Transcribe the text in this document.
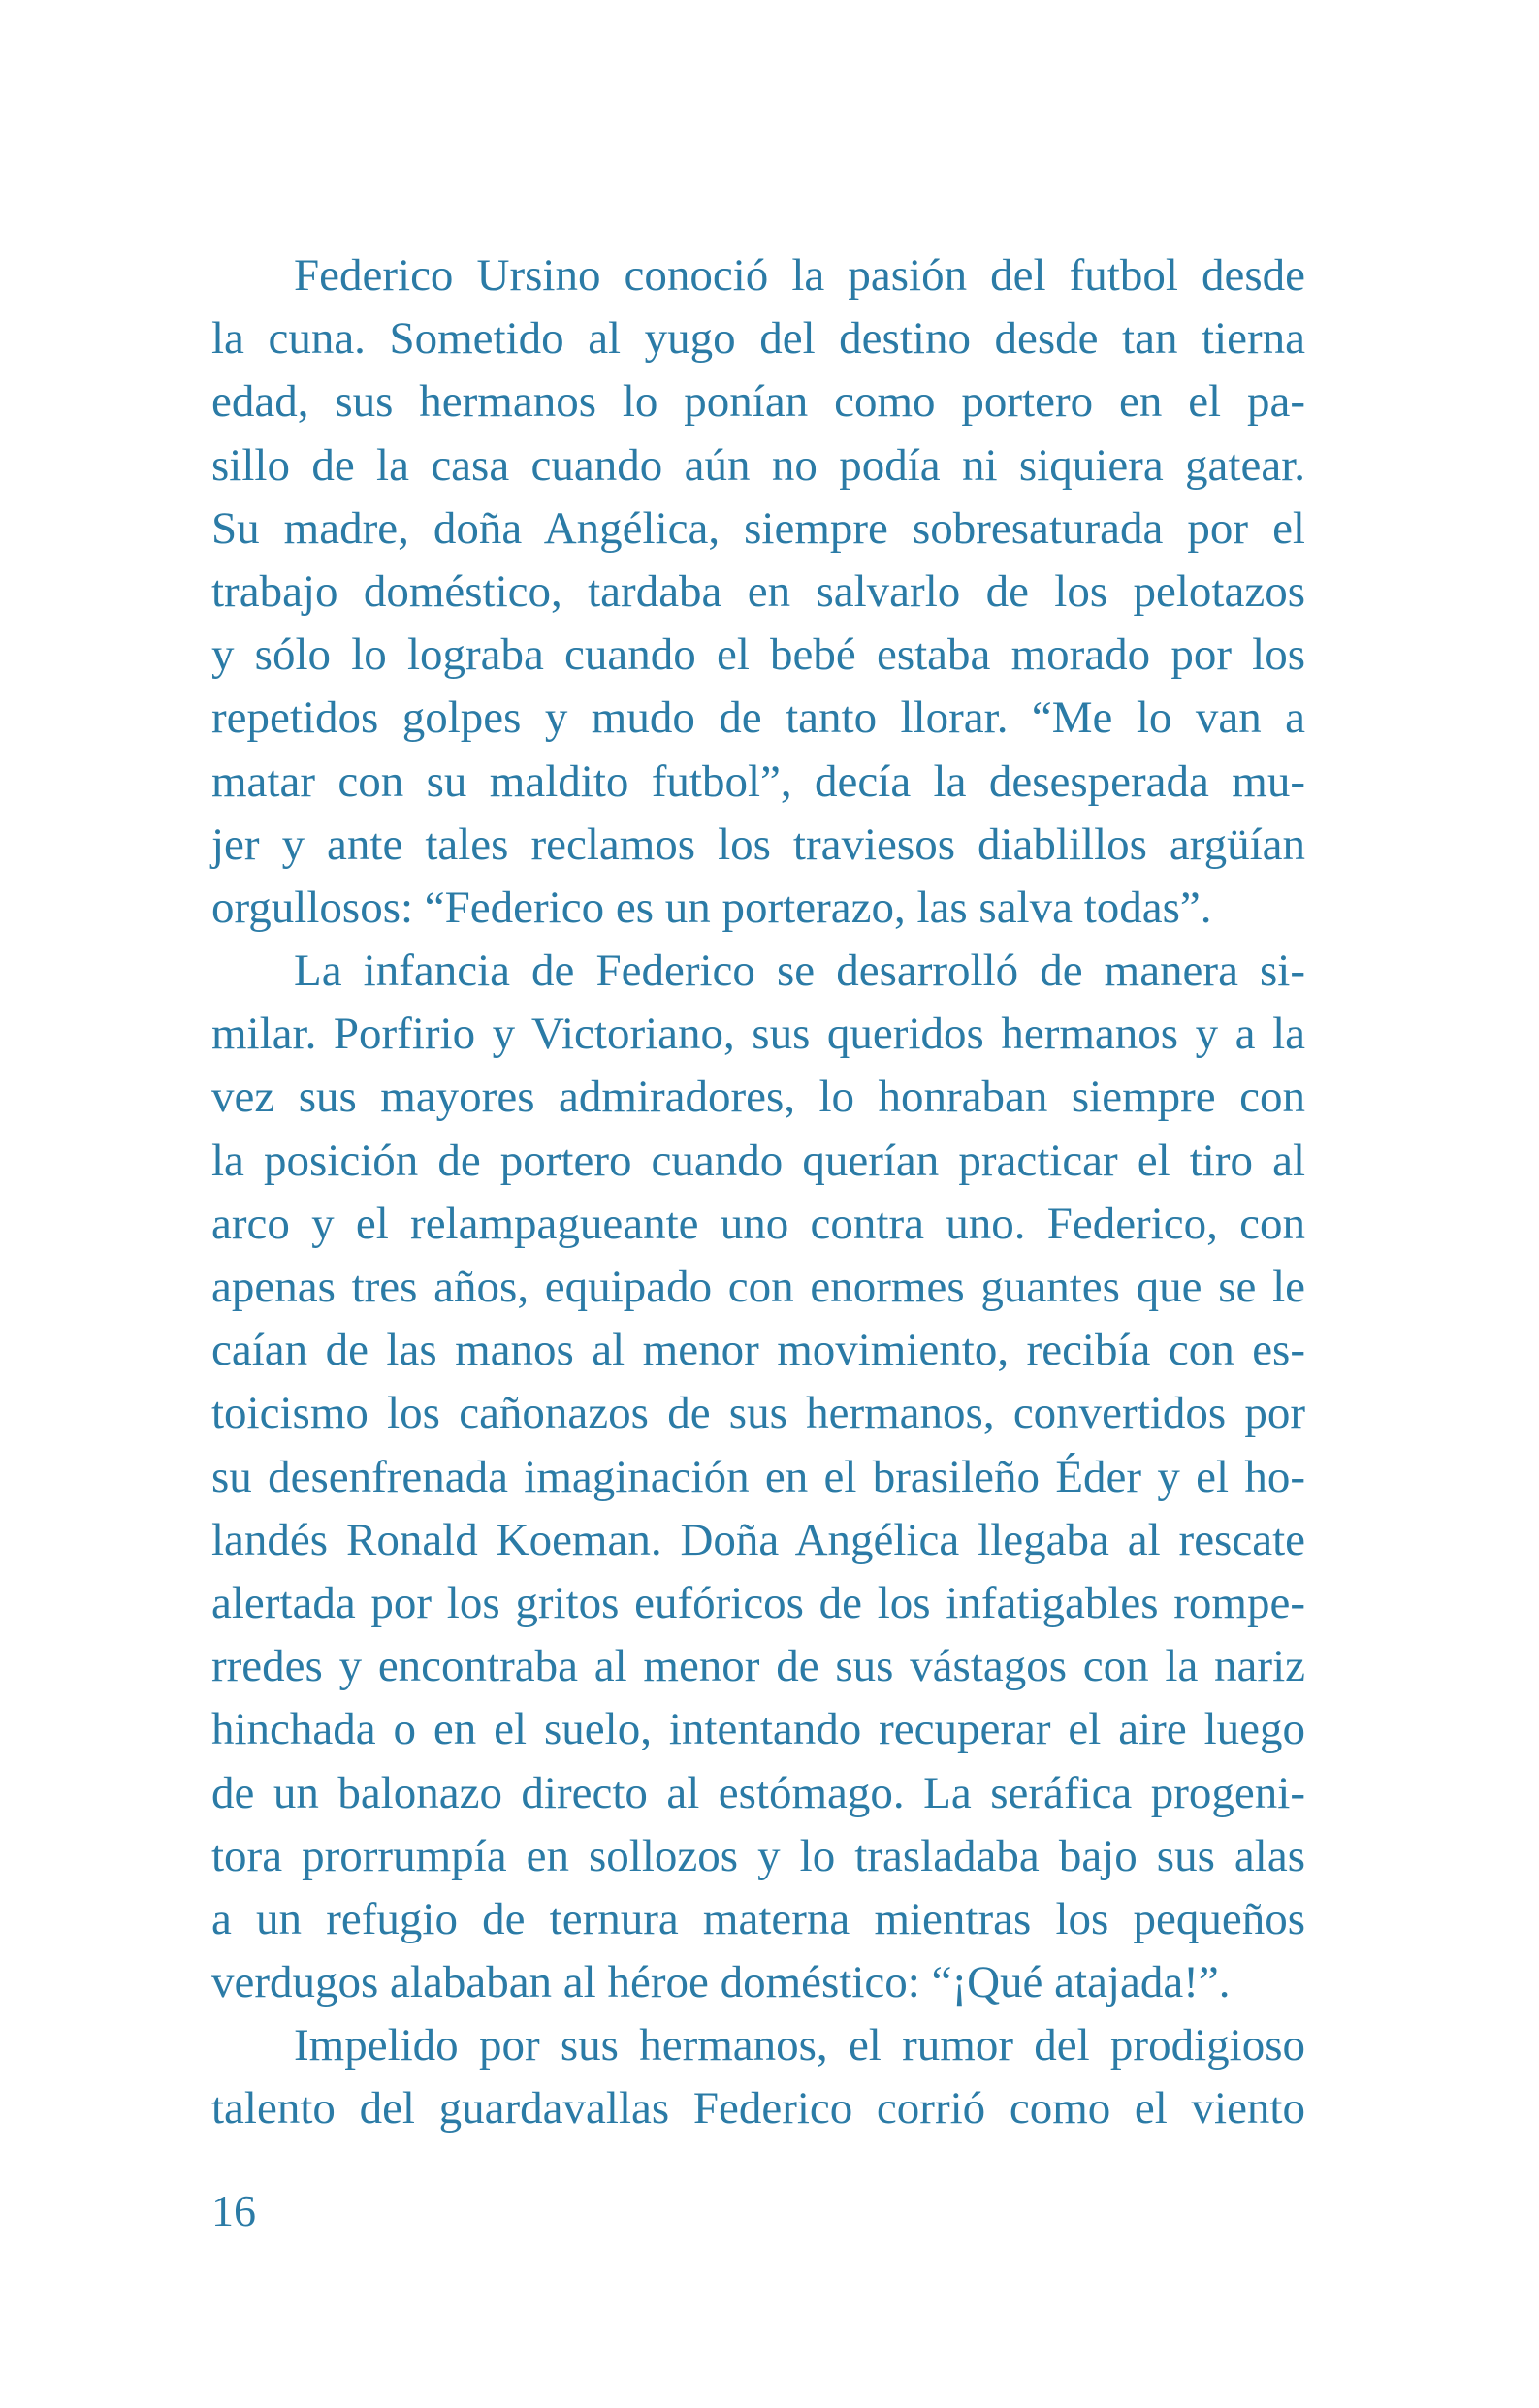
Federico Ursino conoció la pasión del futbol desde
la cuna. Sometido al yugo del destino desde tan tierna
edad, sus hermanos lo ponían como portero en el pa-
sillo de la casa cuando aún no podía ni siquiera gatear.
Su madre, doña Angélica, siempre sobresaturada por el
trabajo doméstico, tardaba en salvarlo de los pelotazos
y sólo lo lograba cuando el bebé estaba morado por los
repetidos golpes y mudo de tanto llorar. “Me lo van a
matar con su maldito futbol”, decía la desesperada mu-
jer y ante tales reclamos los traviesos diablillos argüían
orgullosos: “Federico es un porterazo, las salva todas”.
La infancia de Federico se desarrolló de manera si-
milar. Porfirio y Victoriano, sus queridos hermanos y a la
vez sus mayores admiradores, lo honraban siempre con
la posición de portero cuando querían practicar el tiro al
arco y el relampagueante uno contra uno. Federico, con
apenas tres años, equipado con enormes guantes que se le
caían de las manos al menor movimiento, recibía con es-
toicismo los cañonazos de sus hermanos, convertidos por
su desenfrenada imaginación en el brasileño Éder y el ho-
landés Ronald Koeman. Doña Angélica llegaba al rescate
alertada por los gritos eufóricos de los infatigables rompe-
rredes y encontraba al menor de sus vástagos con la nariz
hinchada o en el suelo, intentando recuperar el aire luego
de un balonazo directo al estómago. La seráfica progeni-
tora prorrumpía en sollozos y lo trasladaba bajo sus alas
a un refugio de ternura materna mientras los pequeños
verdugos alababan al héroe doméstico: “¡Qué atajada!”.
Impelido por sus hermanos, el rumor del prodigioso
talento del guardavallas Federico corrió como el viento
16
